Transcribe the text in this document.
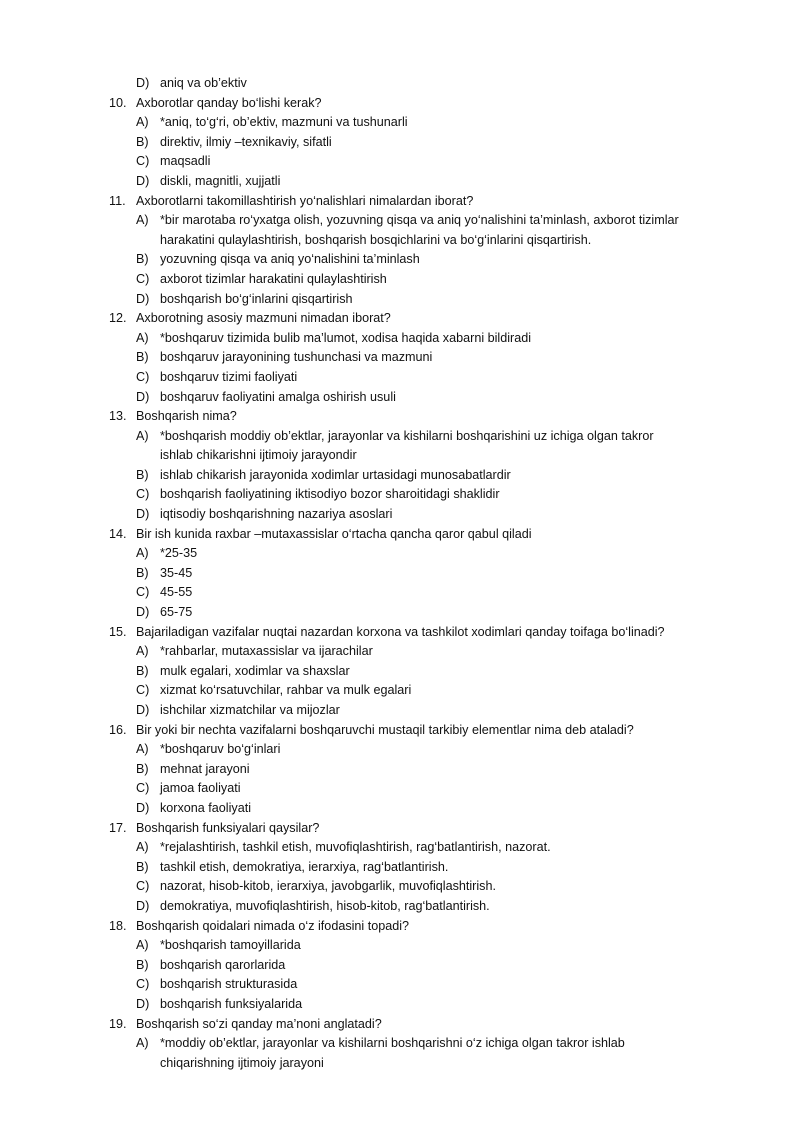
D) aniq va ob’ektiv
10. Axborotlar qanday bo‘lishi kerak?
A) *aniq, to‘g‘ri, ob’ektiv, mazmuni va tushunarli
B) direktiv, ilmiy –texnikaviy, sifatli
C) maqsadli
D) diskli, magnitli, xujjatli
11. Axborotlarni takomillashtirish yo‘nalishlari nimalardan iborat?
A) *bir marotaba ro‘yxatga olish, yozuvning qisqa va aniq yo‘nalishini ta’minlash, axborot tizimlar
harakatini qulaylashtirish, boshqarish bosqichlarini va bo‘g‘inlarini qisqartirish.
B) yozuvning qisqa va aniq yo‘nalishini ta’minlash
C) axborot tizimlar harakatini qulaylashtirish
D) boshqarish bo‘g‘inlarini qisqartirish
12. Axborotning asosiy mazmuni nimadan iborat?
A) *boshqaruv tizimida bulib ma’lumot, xodisa haqida xabarni bildiradi
B) boshqaruv jarayonining tushunchasi va mazmuni
C) boshqaruv tizimi faoliyati
D) boshqaruv faoliyatini amalga oshirish usuli
13. Boshqarish nima?
A) *boshqarish moddiy ob’ektlar, jarayonlar va kishilarni boshqarishini uz ichiga olgan takror
ishlab chikarishni ijtimoiy jarayondir
B) ishlab chikarish jarayonida xodimlar urtasidagi munosabatlardir
C) boshqarish faoliyatining iktisodiyo bozor sharoitidagi shaklidir
D) iqtisodiy boshqarishning nazariya asoslari
14. Bir ish kunida raxbar –mutaxassislar o‘rtacha qancha qaror qabul qiladi
A) *25-35
B) 35-45
C) 45-55
D) 65-75
15. Bajariladigan vazifalar nuqtai nazardan korxona va tashkilot xodimlari qanday toifaga bo‘linadi?
A) *rahbarlar, mutaxassislar va ijarachilar
B) mulk egalari, xodimlar va shaxslar
C) xizmat ko‘rsatuvchilar, rahbar va mulk egalari
D) ishchilar xizmatchilar va mijozlar
16. Bir yoki bir nechta vazifalarni boshqaruvchi mustaqil tarkibiy elementlar nima deb ataladi?
A) *boshqaruv bo‘g‘inlari
B) mehnat jarayoni
C) jamoa faoliyati
D) korxona faoliyati
17. Boshqarish funksiyalari qaysilar?
A) *rejalashtirish, tashkil etish, muvofiqlashtirish, rag‘batlantirish, nazorat.
B) tashkil etish, demokratiya, ierarxiya, rag‘batlantirish.
C) nazorat, hisob-kitob, ierarxiya, javobgarlik, muvofiqlashtirish.
D) demokratiya, muvofiqlashtirish, hisob-kitob, rag‘batlantirish.
18. Boshqarish qoidalari nimada o‘z ifodasini topadi?
A) *boshqarish tamoyillarida
B) boshqarish qarorlarida
C) boshqarish strukturasida
D) boshqarish funksiyalarida
19. Boshqarish so‘zi qanday ma’noni anglatadi?
A) *moddiy ob’ektlar, jarayonlar va kishilarni boshqarishni o‘z ichiga olgan takror ishlab
chiqarishning ijtimoiy jarayoni
